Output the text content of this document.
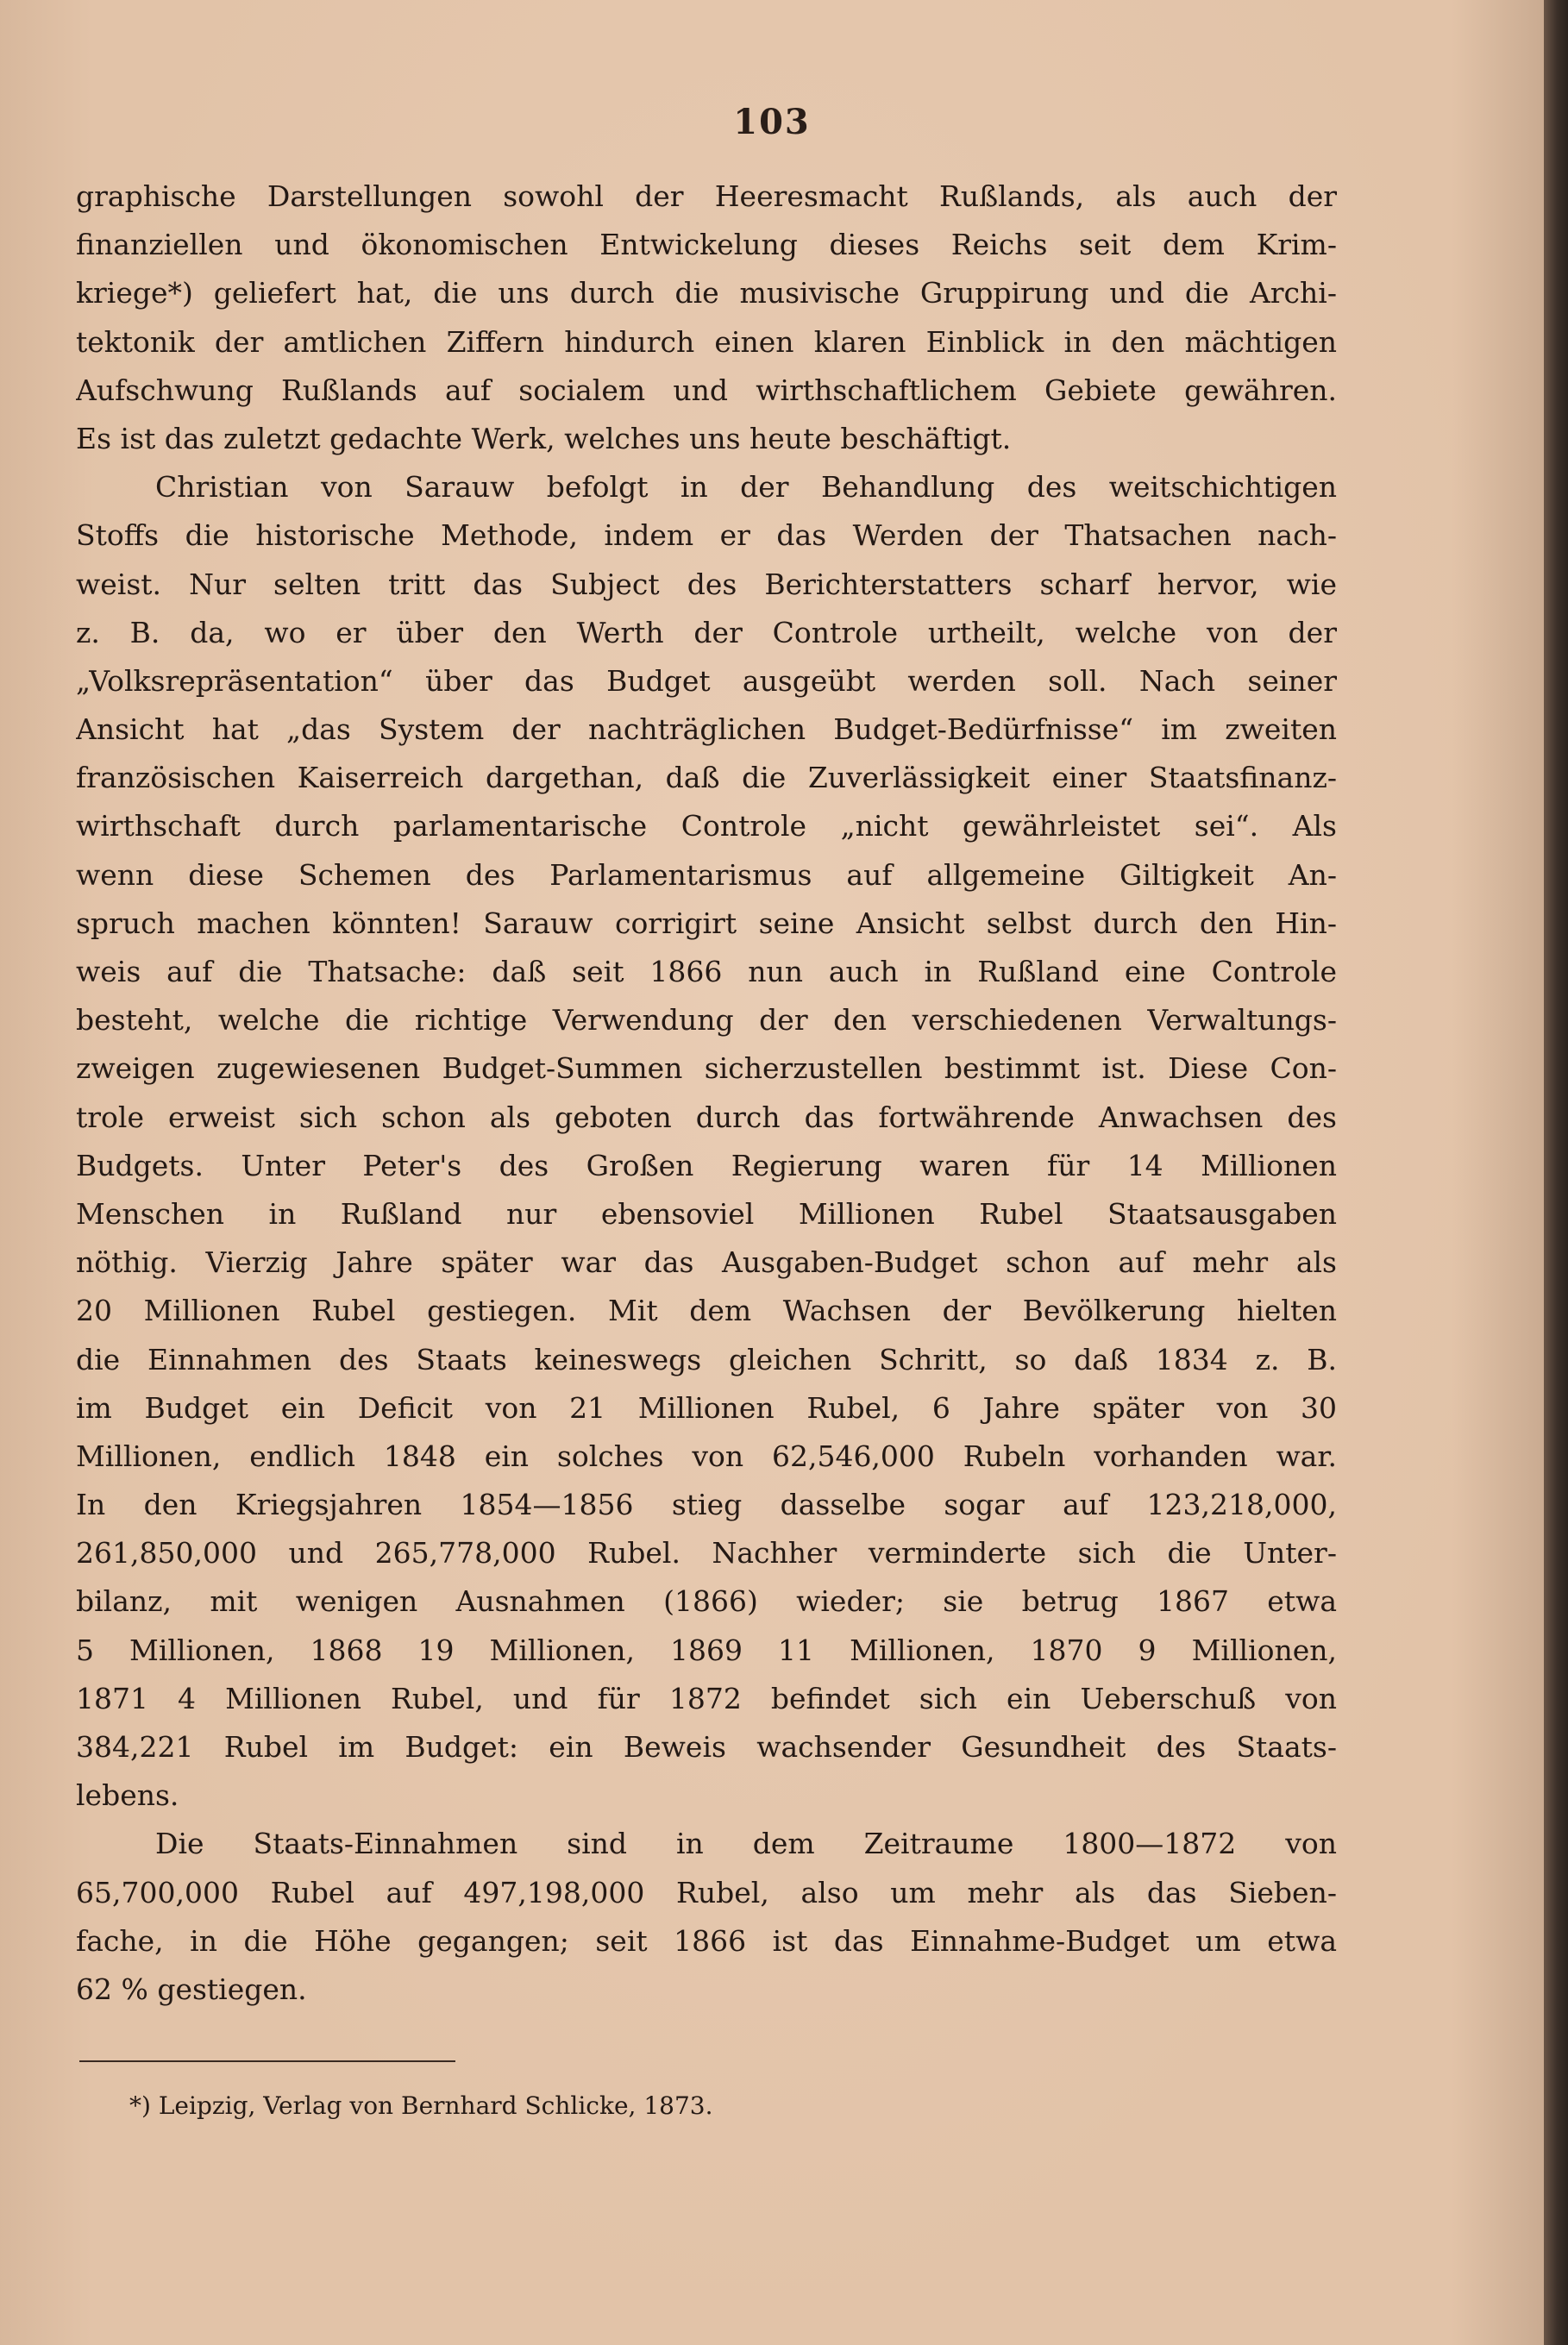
103
graphische Darstellungen sowohl der Heeresmacht Rußlands, als auch der
finanziellen und ökonomischen Entwickelung dieses Reichs seit dem Krim-
kriege*) geliefert hat, die uns durch die musivische Gruppirung und die Archi-
tektonik der amtlichen Ziffern hindurch einen klaren Einblick in den mächtigen
Aufschwung Rußlands auf socialem und wirthschaftlichem Gebiete gewähren.
Es ist das zuletzt gedachte Werk, welches uns heute beschäftigt.
Christian von Sarauw befolgt in der Behandlung des weitschichtigen
Stoffs die historische Methode, indem er das Werden der Thatsachen nach-
weist. Nur selten tritt das Subject des Berichterstatters scharf hervor, wie
z. B. da, wo er über den Werth der Controle urtheilt, welche von der
„Volksrepräsentation“ über das Budget ausgeübt werden soll. Nach seiner
Ansicht hat „das System der nachträglichen Budget-Bedürfnisse“ im zweiten
französischen Kaiserreich dargethan, daß die Zuverlässigkeit einer Staatsfinanz-
wirthschaft durch parlamentarische Controle „nicht gewährleistet sei“. Als
wenn diese Schemen des Parlamentarismus auf allgemeine Giltigkeit An-
spruch machen könnten! Sarauw corrigirt seine Ansicht selbst durch den Hin-
weis auf die Thatsache: daß seit 1866 nun auch in Rußland eine Controle
besteht, welche die richtige Verwendung der den verschiedenen Verwaltungs-
zweigen zugewiesenen Budget-Summen sicherzustellen bestimmt ist. Diese Con-
trole erweist sich schon als geboten durch das fortwährende Anwachsen des
Budgets. Unter Peter's des Großen Regierung waren für 14 Millionen
Menschen in Rußland nur ebensoviel Millionen Rubel Staatsausgaben
nöthig. Vierzig Jahre später war das Ausgaben-Budget schon auf mehr als
20 Millionen Rubel gestiegen. Mit dem Wachsen der Bevölkerung hielten
die Einnahmen des Staats keineswegs gleichen Schritt, so daß 1834 z. B.
im Budget ein Deficit von 21 Millionen Rubel, 6 Jahre später von 30
Millionen, endlich 1848 ein solches von 62,546,000 Rubeln vorhanden war.
In den Kriegsjahren 1854—1856 stieg dasselbe sogar auf 123,218,000,
261,850,000 und 265,778,000 Rubel. Nachher verminderte sich die Unter-
bilanz, mit wenigen Ausnahmen (1866) wieder; sie betrug 1867 etwa
5 Millionen, 1868 19 Millionen, 1869 11 Millionen, 1870 9 Millionen,
1871 4 Millionen Rubel, und für 1872 befindet sich ein Ueberschuß von
384,221 Rubel im Budget: ein Beweis wachsender Gesundheit des Staats-
lebens.
Die Staats-Einnahmen sind in dem Zeitraume 1800—1872 von
65,700,000 Rubel auf 497,198,000 Rubel, also um mehr als das Sieben-
fache, in die Höhe gegangen; seit 1866 ist das Einnahme-Budget um etwa
62 % gestiegen.
*) Leipzig, Verlag von Bernhard Schlicke, 1873.
